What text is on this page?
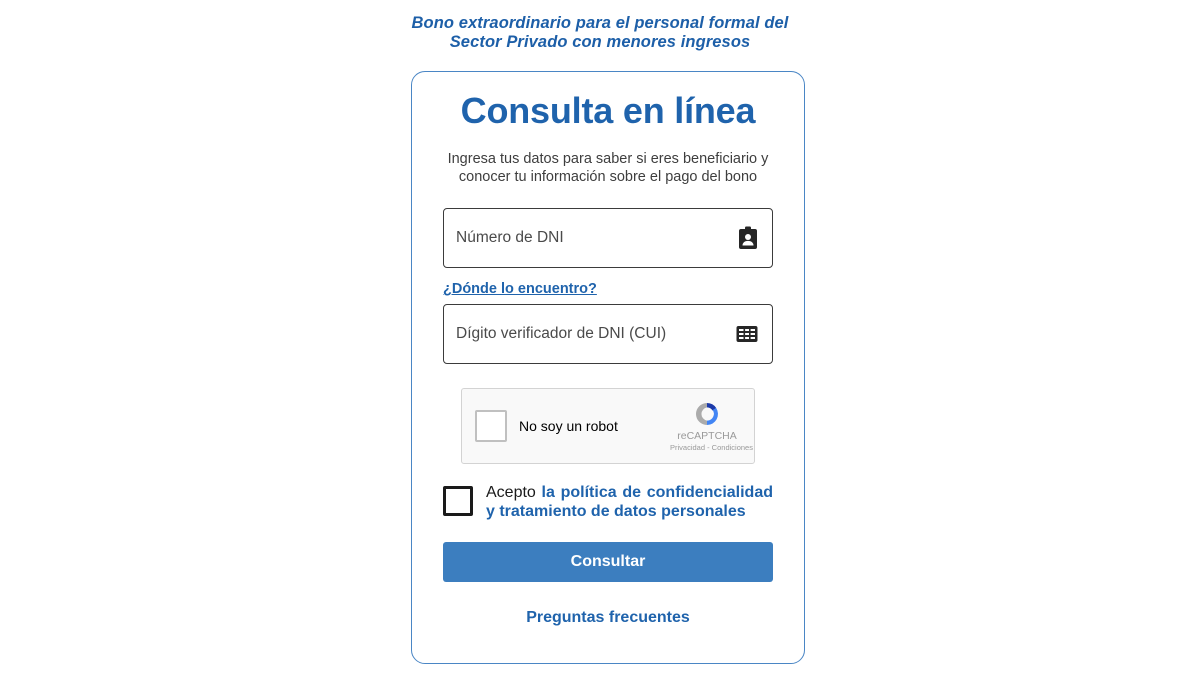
Bono extraordinario para el personal formal del
Sector Privado con menores ingresos
Consulta en línea
Ingresa tus datos para saber si eres beneficiario y
conocer tu información sobre el pago del bono
Número de DNI
¿Dónde lo encuentro?
Dígito verificador de DNI (CUI)
No soy un robot
reCAPTCHA
Privacidad - Condiciones
Acepto la política de confidencialidad y tratamiento de datos personales
Consultar
Preguntas frecuentes
